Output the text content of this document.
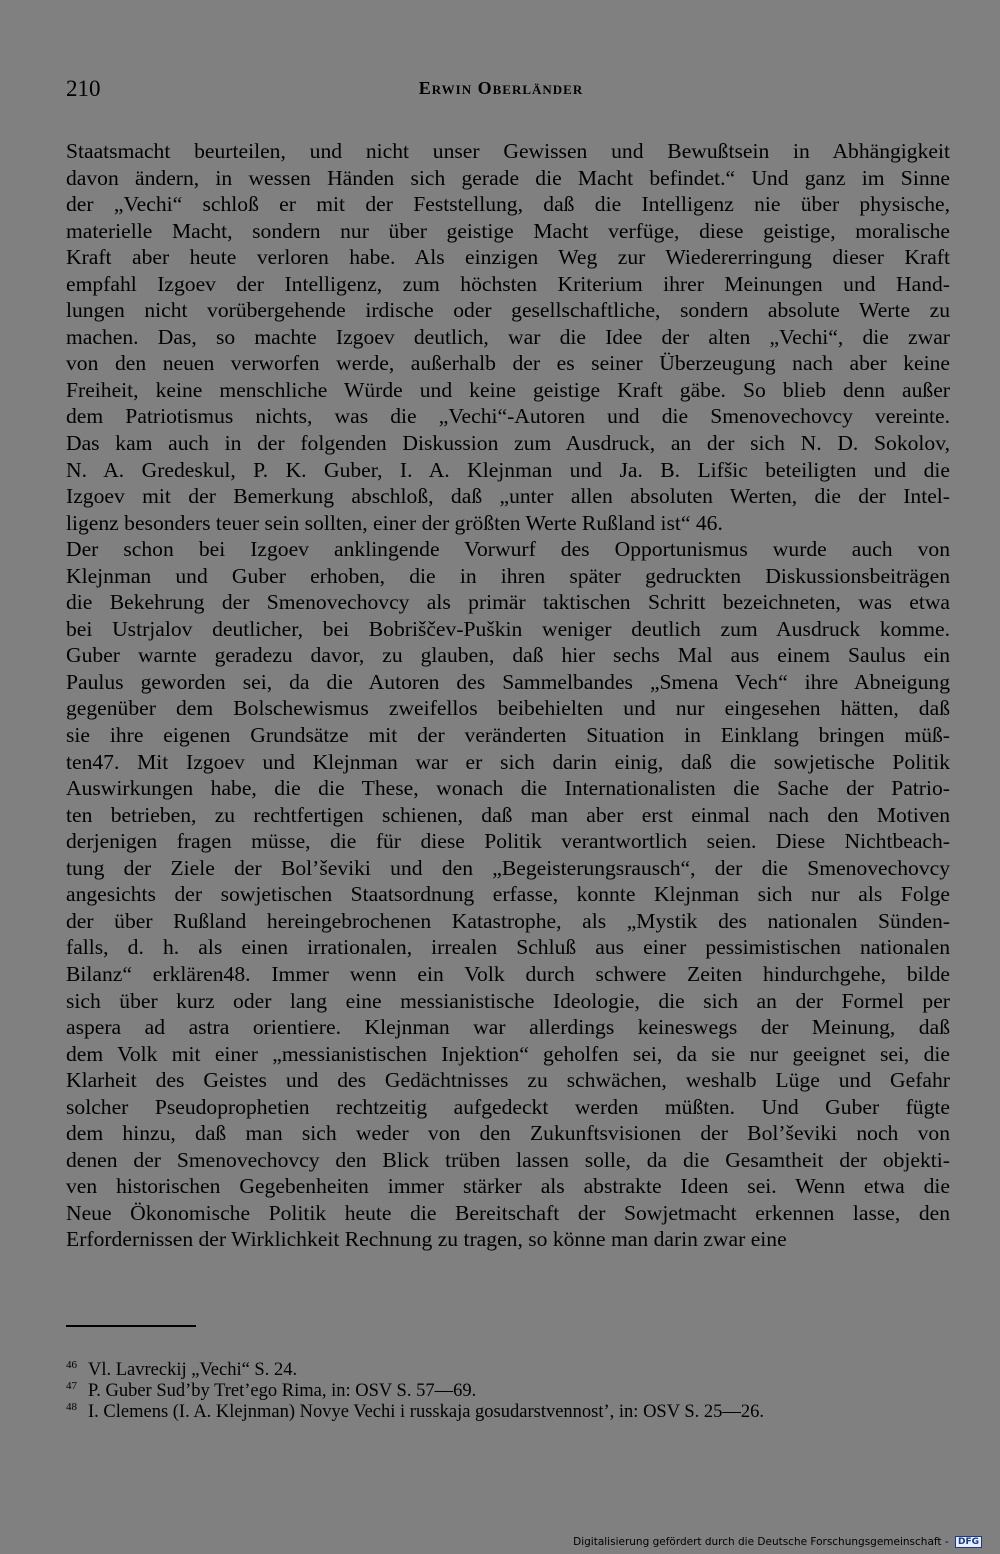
210	Erwin Oberländer
Staatsmacht beurteilen, und nicht unser Gewissen und Bewußtsein in Abhängigkeit
davon ändern, in wessen Händen sich gerade die Macht befindet.“ Und ganz im Sinne
der „Vechi“ schloß er mit der Feststellung, daß die Intelligenz nie über physische,
materielle Macht, sondern nur über geistige Macht verfüge, diese geistige, moralische
Kraft aber heute verloren habe. Als einzigen Weg zur Wiedererringung dieser Kraft
empfahl Izgoev der Intelligenz, zum höchsten Kriterium ihrer Meinungen und Hand-
lungen nicht vorübergehende irdische oder gesellschaftliche, sondern absolute Werte zu
machen. Das, so machte Izgoev deutlich, war die Idee der alten „Vechi“, die zwar
von den neuen verworfen werde, außerhalb der es seiner Überzeugung nach aber keine
Freiheit, keine menschliche Würde und keine geistige Kraft gäbe. So blieb denn außer
dem Patriotismus nichts, was die „Vechi“-Autoren und die Smenovechovcy vereinte.
Das kam auch in der folgenden Diskussion zum Ausdruck, an der sich N. D. Sokolov,
N. A. Gredeskul, P. K. Guber, I. A. Klejnman und Ja. B. Lifšic beteiligten und die
Izgoev mit der Bemerkung abschloß, daß „unter allen absoluten Werten, die der Intel-
ligenz besonders teuer sein sollten, einer der größten Werte Rußland ist“ 46.
Der schon bei Izgoev anklingende Vorwurf des Opportunismus wurde auch von
Klejnman und Guber erhoben, die in ihren später gedruckten Diskussionsbeiträgen
die Bekehrung der Smenovechovcy als primär taktischen Schritt bezeichneten, was etwa
bei Ustrjalov deutlicher, bei Bobriščev-Puškin weniger deutlich zum Ausdruck komme.
Guber warnte geradezu davor, zu glauben, daß hier sechs Mal aus einem Saulus ein
Paulus geworden sei, da die Autoren des Sammelbandes „Smena Vech“ ihre Abneigung
gegenüber dem Bolschewismus zweifellos beibehielten und nur eingesehen hätten, daß
sie ihre eigenen Grundsätze mit der veränderten Situation in Einklang bringen müß-
ten47. Mit Izgoev und Klejnman war er sich darin einig, daß die sowjetische Politik
Auswirkungen habe, die die These, wonach die Internationalisten die Sache der Patrio-
ten betrieben, zu rechtfertigen schienen, daß man aber erst einmal nach den Motiven
derjenigen fragen müsse, die für diese Politik verantwortlich seien. Diese Nichtbeach-
tung der Ziele der Bol’ševiki und den „Begeisterungsrausch“, der die Smenovechovcy
angesichts der sowjetischen Staatsordnung erfasse, konnte Klejnman sich nur als Folge
der über Rußland hereingebrochenen Katastrophe, als „Mystik des nationalen Sünden-
falls, d. h. als einen irrationalen, irrealen Schluß aus einer pessimistischen nationalen
Bilanz“ erklären48. Immer wenn ein Volk durch schwere Zeiten hindurchgehe, bilde
sich über kurz oder lang eine messianistische Ideologie, die sich an der Formel per
aspera ad astra orientiere. Klejnman war allerdings keineswegs der Meinung, daß
dem Volk mit einer „messianistischen Injektion“ geholfen sei, da sie nur geeignet sei, die
Klarheit des Geistes und des Gedächtnisses zu schwächen, weshalb Lüge und Gefahr
solcher Pseudoprophetien rechtzeitig aufgedeckt werden müßten. Und Guber fügte
dem hinzu, daß man sich weder von den Zukunftsvisionen der Bol’ševiki noch von
denen der Smenovechovcy den Blick trüben lassen solle, da die Gesamtheit der objekti-
ven historischen Gegebenheiten immer stärker als abstrakte Ideen sei. Wenn etwa die
Neue Ökonomische Politik heute die Bereitschaft der Sowjetmacht erkennen lasse, den
Erfordernissen der Wirklichkeit Rechnung zu tragen, so könne man darin zwar eine
46 Vl. Lavreckij „Vechi“ S. 24.
47 P. Guber Sud’by Tret’ego Rima, in: OSV S. 57—69.
48 I. Clemens (I. A. Klejnman) Novye Vechi i russkaja gosudarstvennost’, in: OSV S. 25—26.
Digitalisierung gefördert durch die Deutsche Forschungsgemeinschaft - DFG
